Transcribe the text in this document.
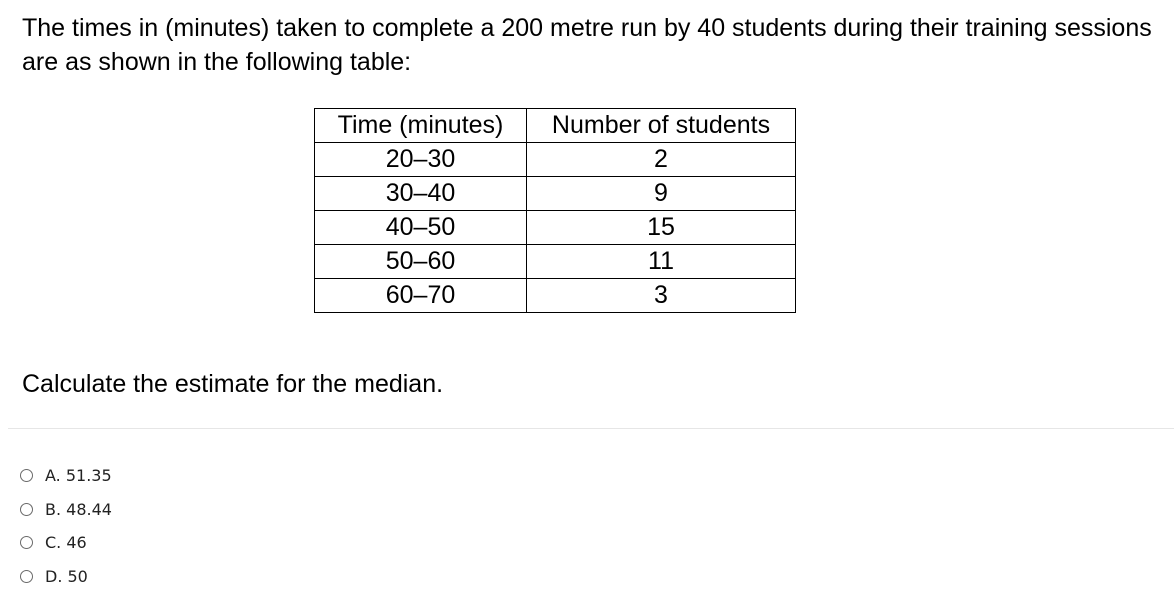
The times in (minutes) taken to complete a 200 metre run by 40 students during their training sessions are as shown in the following table:

Time (minutes)	Number of students
20–30	2
30–40	9
40–50	15
50–60	11
60–70	3

Calculate the estimate for the median.

A. 51.35
B. 48.44
C. 46
D. 50
